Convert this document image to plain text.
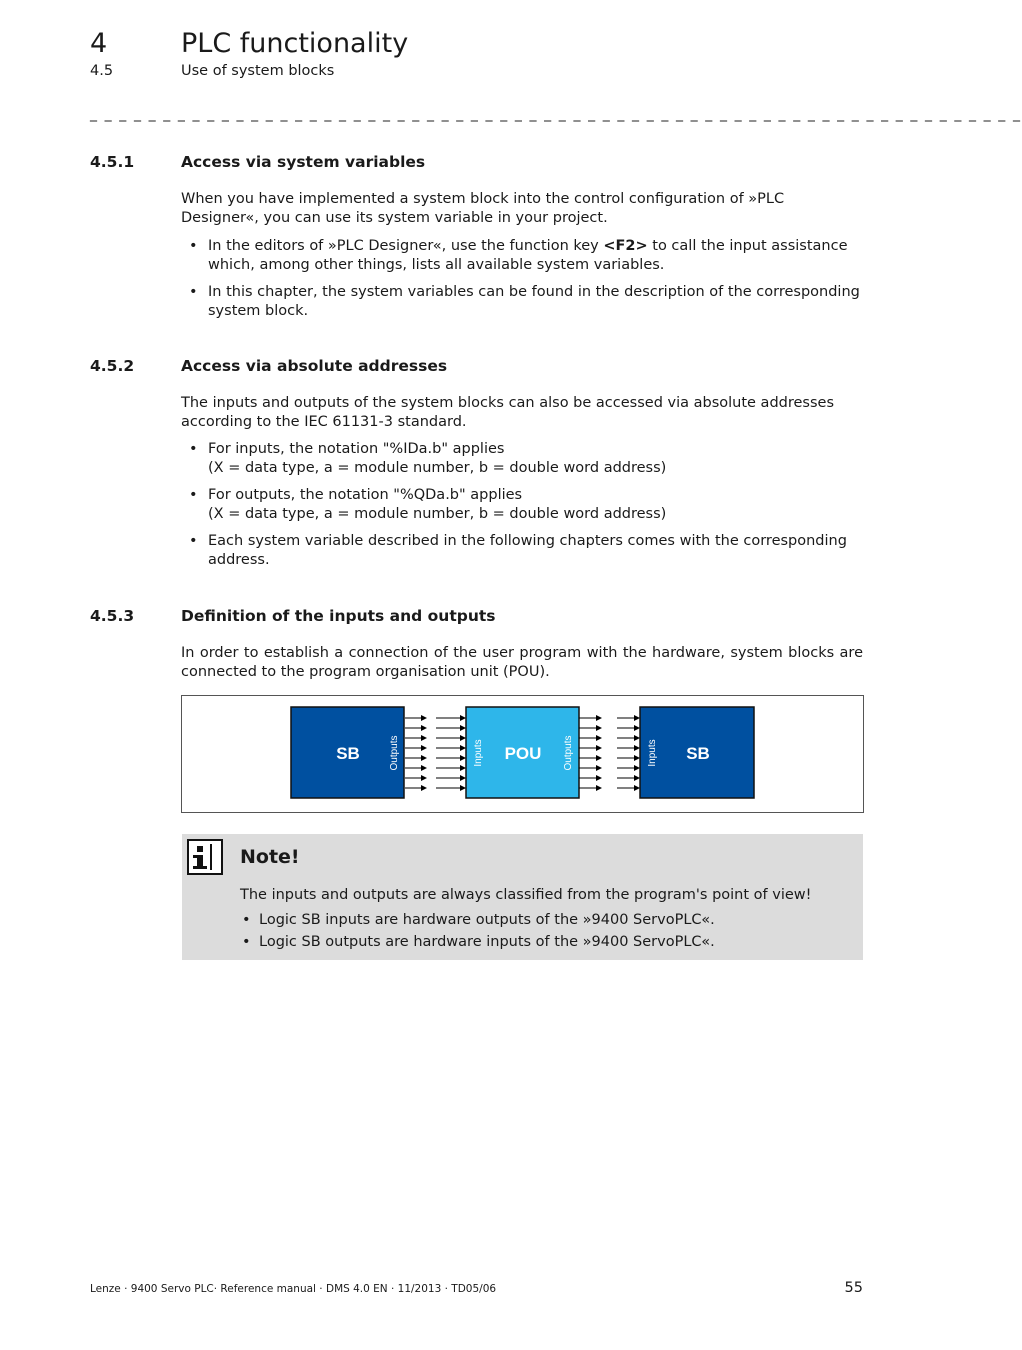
4	PLC functionality
4.5	Use of system blocks
_ _ _ _ _ _ _ _ _ _ _ _ _ _ _ _ _ _ _ _ _ _ _ _ _ _ _ _ _ _ _ _ _ _ _ _ _ _ _ _ _ _ _ _ _ _ _ _ _ _ _ _ _ _ _ _ _ _ _ _ _ _ _ _
4.5.1	Access via system variables

When you have implemented a system block into the control configuration of »PLC Designer«, you can use its system variable in your project.

• In the editors of »PLC Designer«, use the function key <F2> to call the input assistance which, among other things, lists all available system variables.
• In this chapter, the system variables can be found in the description of the corresponding system block.
4.5.2	Access via absolute addresses

The inputs and outputs of the system blocks can also be accessed via absolute addresses according to the IEC 61131-3 standard.

• For inputs, the notation "%IDa.b" applies
(X = data type, a = module number, b = double word address)
• For outputs, the notation "%QDa.b" applies
(X = data type, a = module number, b = double word address)
• Each system variable described in the following chapters comes with the corresponding address.
4.5.3	Definition of the inputs and outputs

In order to establish a connection of the user program with the hardware, system blocks are connected to the program organisation unit (POU).

SB	POU	SB
Outputs	Inputs	Outputs	Inputs
Note!
The inputs and outputs are always classified from the program's point of view!
• Logic SB inputs are hardware outputs of the »9400 ServoPLC«.
• Logic SB outputs are hardware inputs of the »9400 ServoPLC«.
Lenze · 9400 Servo PLC· Reference manual · DMS 4.0 EN · 11/2013 · TD05/06	55
